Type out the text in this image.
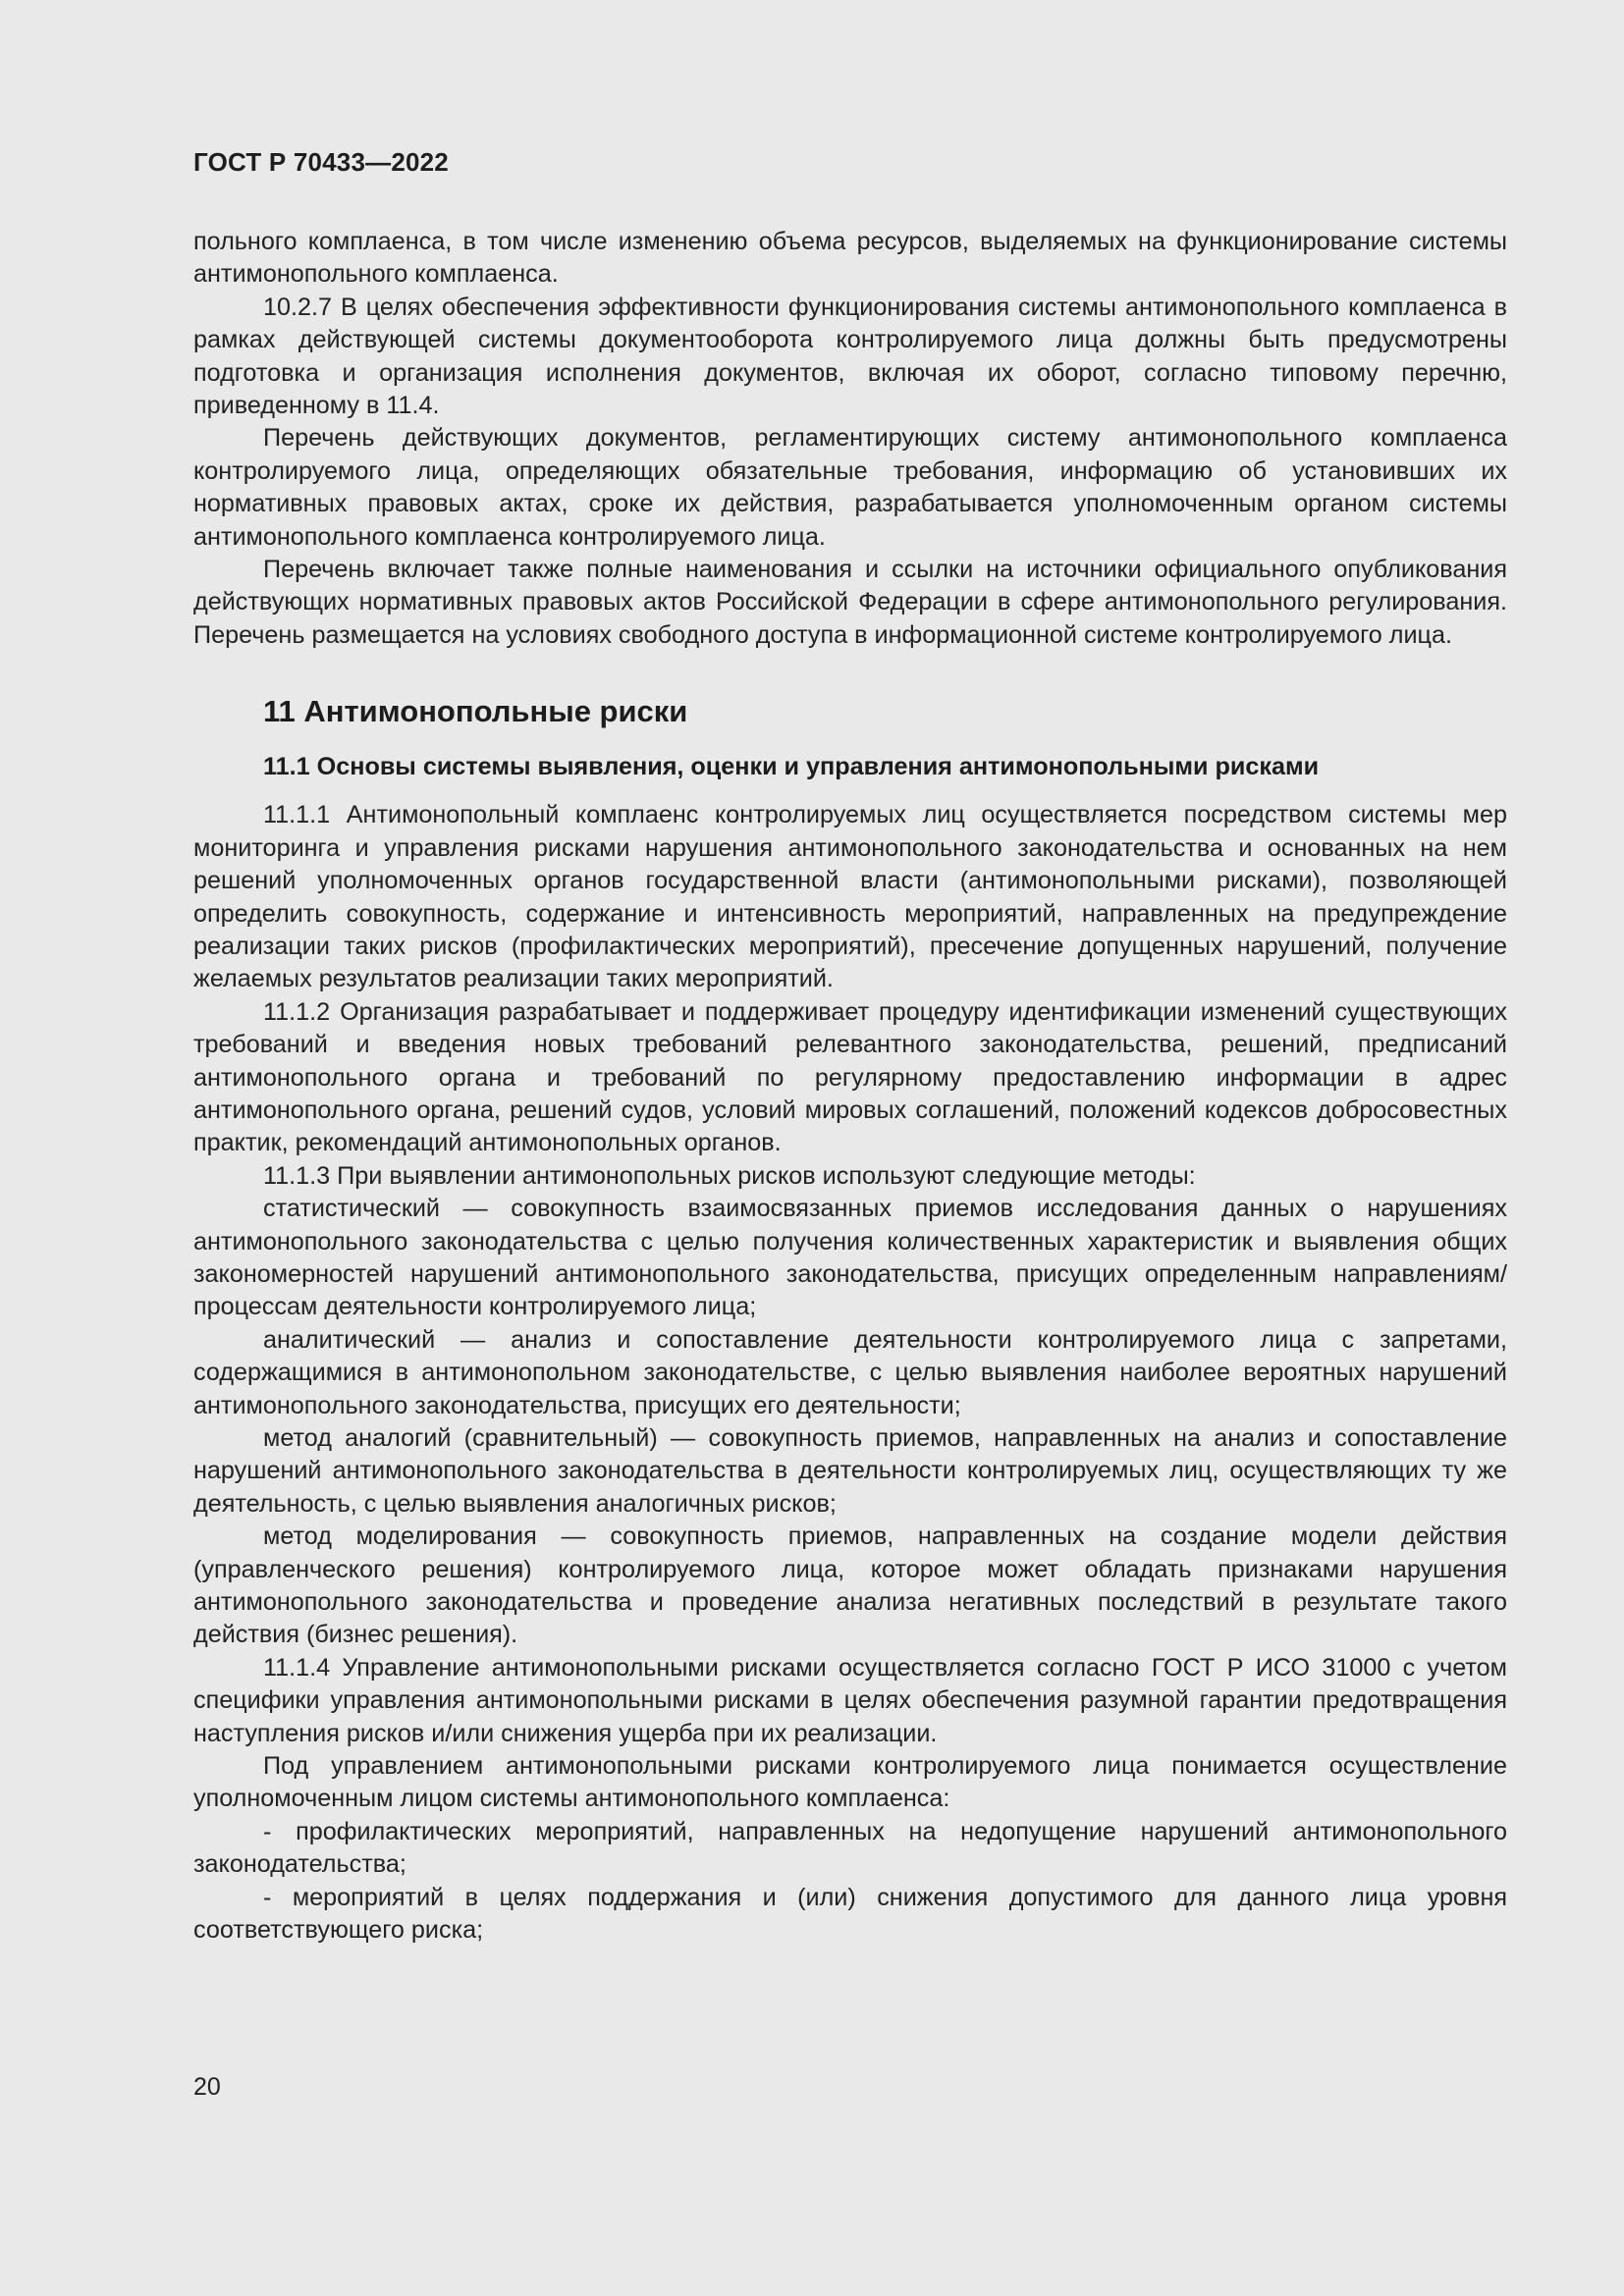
ГОСТ Р 70433—2022

польного комплаенса, в том числе изменению объема ресурсов, выделяемых на функционирование системы антимонопольного комплаенса.

10.2.7 В целях обеспечения эффективности функционирования системы антимонопольного комплаенса в рамках действующей системы документооборота контролируемого лица должны быть предусмотрены подготовка и организация исполнения документов, включая их оборот, согласно типовому перечню, приведенному в 11.4.

Перечень действующих документов, регламентирующих систему антимонопольного комплаенса контролируемого лица, определяющих обязательные требования, информацию об установивших их нормативных правовых актах, сроке их действия, разрабатывается уполномоченным органом системы антимонопольного комплаенса контролируемого лица.

Перечень включает также полные наименования и ссылки на источники официального опубликования действующих нормативных правовых актов Российской Федерации в сфере антимонопольного регулирования. Перечень размещается на условиях свободного доступа в информационной системе контролируемого лица.

11 Антимонопольные риски
11.1 Основы системы выявления, оценки и управления антимонопольными рисками

11.1.1 Антимонопольный комплаенс контролируемых лиц осуществляется посредством системы мер мониторинга и управления рисками нарушения антимонопольного законодательства и основанных на нем решений уполномоченных органов государственной власти (антимонопольными рисками), позволяющей определить совокупность, содержание и интенсивность мероприятий, направленных на предупреждение реализации таких рисков (профилактических мероприятий), пресечение допущенных нарушений, получение желаемых результатов реализации таких мероприятий.

11.1.2 Организация разрабатывает и поддерживает процедуру идентификации изменений существующих требований и введения новых требований релевантного законодательства, решений, предписаний антимонопольного органа и требований по регулярному предоставлению информации в адрес антимонопольного органа, решений судов, условий мировых соглашений, положений кодексов добросовестных практик, рекомендаций антимонопольных органов.

11.1.3 При выявлении антимонопольных рисков используют следующие методы:

статистический — совокупность взаимосвязанных приемов исследования данных о нарушениях антимонопольного законодательства с целью получения количественных характеристик и выявления общих закономерностей нарушений антимонопольного законодательства, присущих определенным направлениям/процессам деятельности контролируемого лица;

аналитический — анализ и сопоставление деятельности контролируемого лица с запретами, содержащимися в антимонопольном законодательстве, с целью выявления наиболее вероятных нарушений антимонопольного законодательства, присущих его деятельности;

метод аналогий (сравнительный) — совокупность приемов, направленных на анализ и сопоставление нарушений антимонопольного законодательства в деятельности контролируемых лиц, осуществляющих ту же деятельность, с целью выявления аналогичных рисков;

метод моделирования — совокупность приемов, направленных на создание модели действия (управленческого решения) контролируемого лица, которое может обладать признаками нарушения антимонопольного законодательства и проведение анализа негативных последствий в результате такого действия (бизнес решения).

11.1.4 Управление антимонопольными рисками осуществляется согласно ГОСТ Р ИСО 31000 с учетом специфики управления антимонопольными рисками в целях обеспечения разумной гарантии предотвращения наступления рисков и/или снижения ущерба при их реализации.

Под управлением антимонопольными рисками контролируемого лица понимается осуществление уполномоченным лицом системы антимонопольного комплаенса:

- профилактических мероприятий, направленных на недопущение нарушений антимонопольного законодательства;

- мероприятий в целях поддержания и (или) снижения допустимого для данного лица уровня соответствующего риска;

20
